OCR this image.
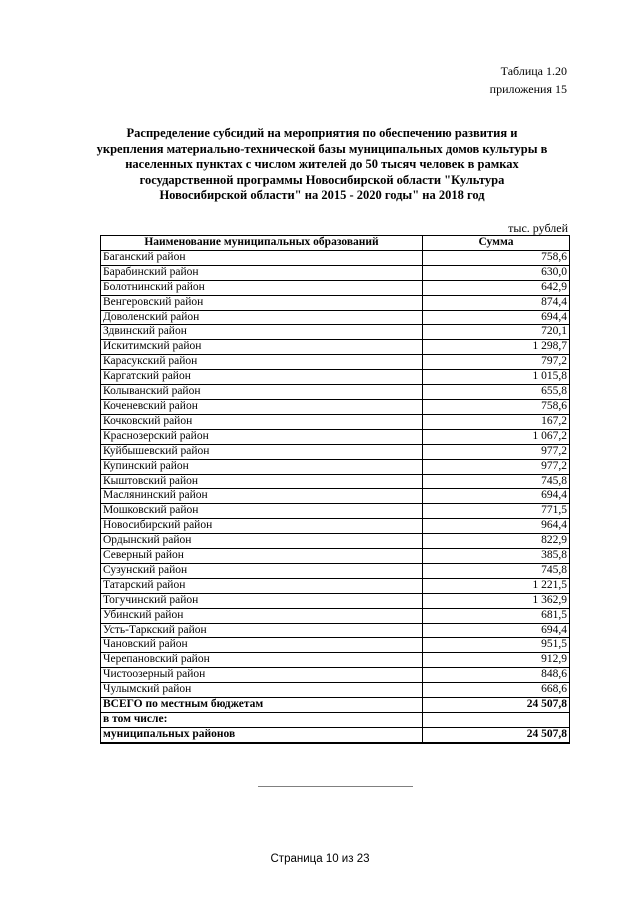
Таблица 1.20
приложения 15
Распределение субсидий на мероприятия по обеспечению развития и
укрепления материально-технической базы муниципальных домов культуры в
населенных пунктах с числом жителей до 50 тысяч человек в рамках
государственной программы Новосибирской области "Культура
Новосибирской области" на 2015 - 2020 годы" на 2018 год
тыс. рублей
Наименование муниципальных образований	Сумма
Баганский район	758,6
Барабинский район	630,0
Болотнинский район	642,9
Венгеровский район	874,4
Доволенский район	694,4
Здвинский район	720,1
Искитимский район	1 298,7
Карасукский район	797,2
Каргатский район	1 015,8
Колыванский район	655,8
Коченевский район	758,6
Кочковский район	167,2
Краснозерский район	1 067,2
Куйбышевский район	977,2
Купинский район	977,2
Кыштовский район	745,8
Маслянинский район	694,4
Мошковский район	771,5
Новосибирский район	964,4
Ордынский район	822,9
Северный район	385,8
Сузунский район	745,8
Татарский район	1 221,5
Тогучинский район	1 362,9
Убинский район	681,5
Усть-Таркский район	694,4
Чановский район	951,5
Черепановский район	912,9
Чистоозерный район	848,6
Чулымский район	668,6
ВСЕГО по местным бюджетам	24 507,8
в том числе:	
муниципальных районов	24 507,8
Страница 10 из 23
